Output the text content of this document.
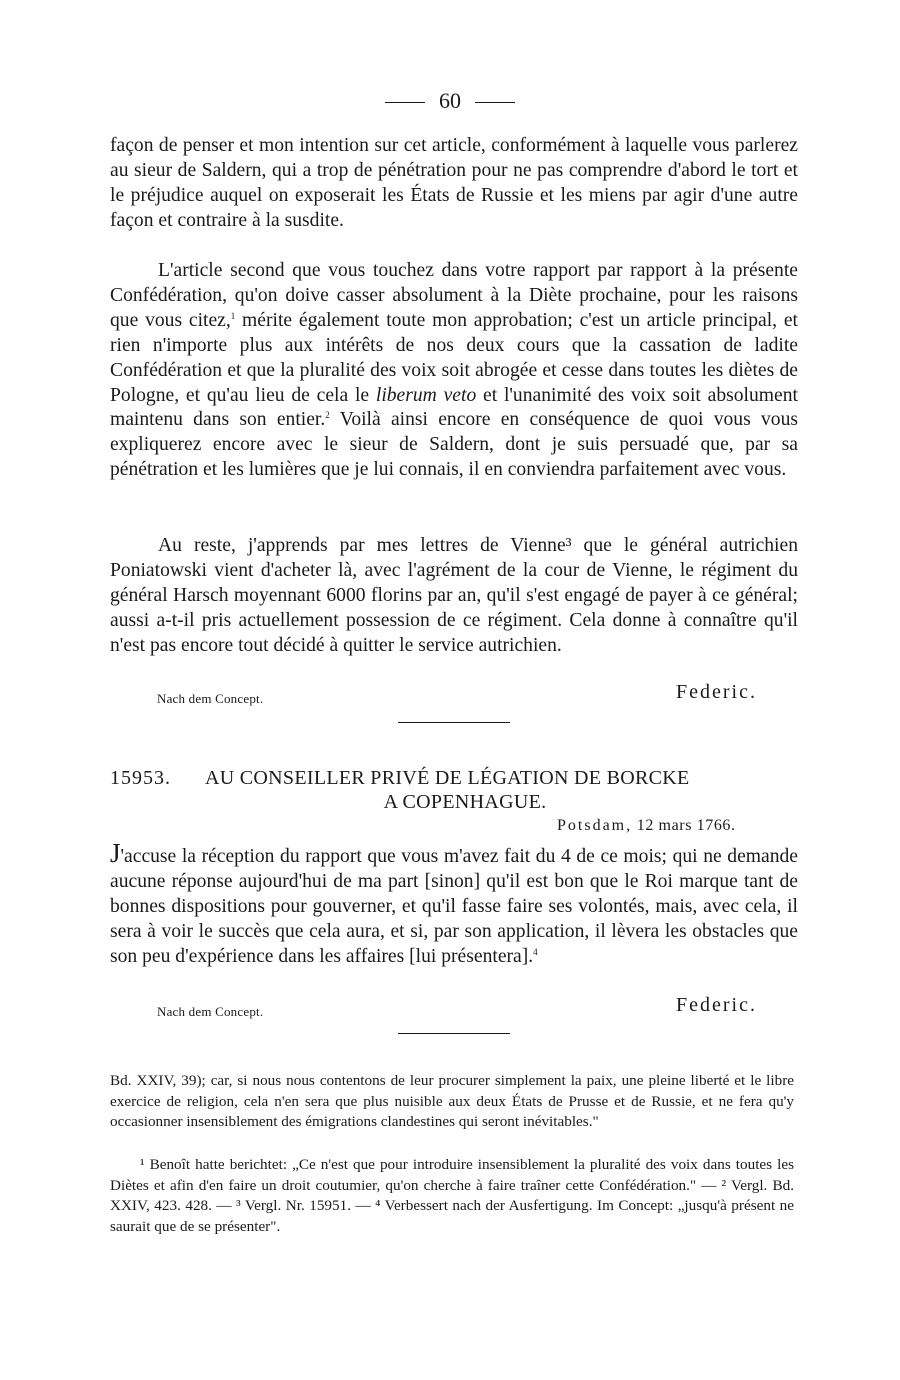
60

façon de penser et mon intention sur cet article, conformément à laquelle vous parlerez au sieur de Saldern, qui a trop de pénétration pour ne pas comprendre d'abord le tort et le préjudice auquel on exposerait les États de Russie et les miens par agir d'une autre façon et contraire à la susdite.

L'article second que vous touchez dans votre rapport par rapport à la présente Confédération, qu'on doive casser absolument à la Diète prochaine, pour les raisons que vous citez,$^1$ mérite également toute mon approbation; c'est un article principal, et rien n'importe plus aux intérêts de nos deux cours que la cassation de ladite Confédération et que la pluralité des voix soit abrogée et cesse dans toutes les diètes de Pologne, et qu'au lieu de cela le liberum veto et l'unanimité des voix soit absolument maintenu dans son entier.$^2$ Voilà ainsi encore en conséquence de quoi vous vous expliquerez encore avec le sieur de Saldern, dont je suis persuadé que, par sa pénétration et les lumières que je lui connais, il en conviendra parfaitement avec vous.

Au reste, j'apprends par mes lettres de Vienne³ que le général autrichien Poniatowski vient d'acheter là, avec l'agrément de la cour de Vienne, le régiment du général Harsch moyennant 6000 florins par an, qu'il s'est engagé de payer à ce général; aussi a-t-il pris actuellement possession de ce régiment. Cela donne à connaître qu'il n'est pas encore tout décidé à quitter le service autrichien.

Nach dem Concept.	Federic.
15953. AU CONSEILLER PRIVÉ DE LÉGATION DE BORCKE
A COPENHAGUE.
Potsdam, 12 mars 1766.

J'accuse la réception du rapport que vous m'avez fait du 4 de ce mois; qui ne demande aucune réponse aujourd'hui de ma part [sinon] qu'il est bon que le Roi marque tant de bonnes dispositions pour gouverner, et qu'il fasse faire ses volontés, mais, avec cela, il sera à voir le succès que cela aura, et si, par son application, il lèvera les obstacles que son peu d'expérience dans les affaires [lui présentera].$^4$

Nach dem Concept.	Federic.

Bd. XXIV, 39); car, si nous nous contentons de leur procurer simplement la paix, une pleine liberté et le libre exercice de religion, cela n'en sera que plus nuisible aux deux États de Prusse et de Russie, et ne fera qu'y occasionner insensiblement des émigrations clandestines qui seront inévitables."

¹ Benoît hatte berichtet: „Ce n'est que pour introduire insensiblement la pluralité des voix dans toutes les Diètes et afin d'en faire un droit coutumier, qu'on cherche à faire traîner cette Confédération." — ² Vergl. Bd. XXIV, 423. 428. — ³ Vergl. Nr. 15951. — ⁴ Verbessert nach der Ausfertigung. Im Concept: „jusqu'à présent ne saurait que de se présenter".
